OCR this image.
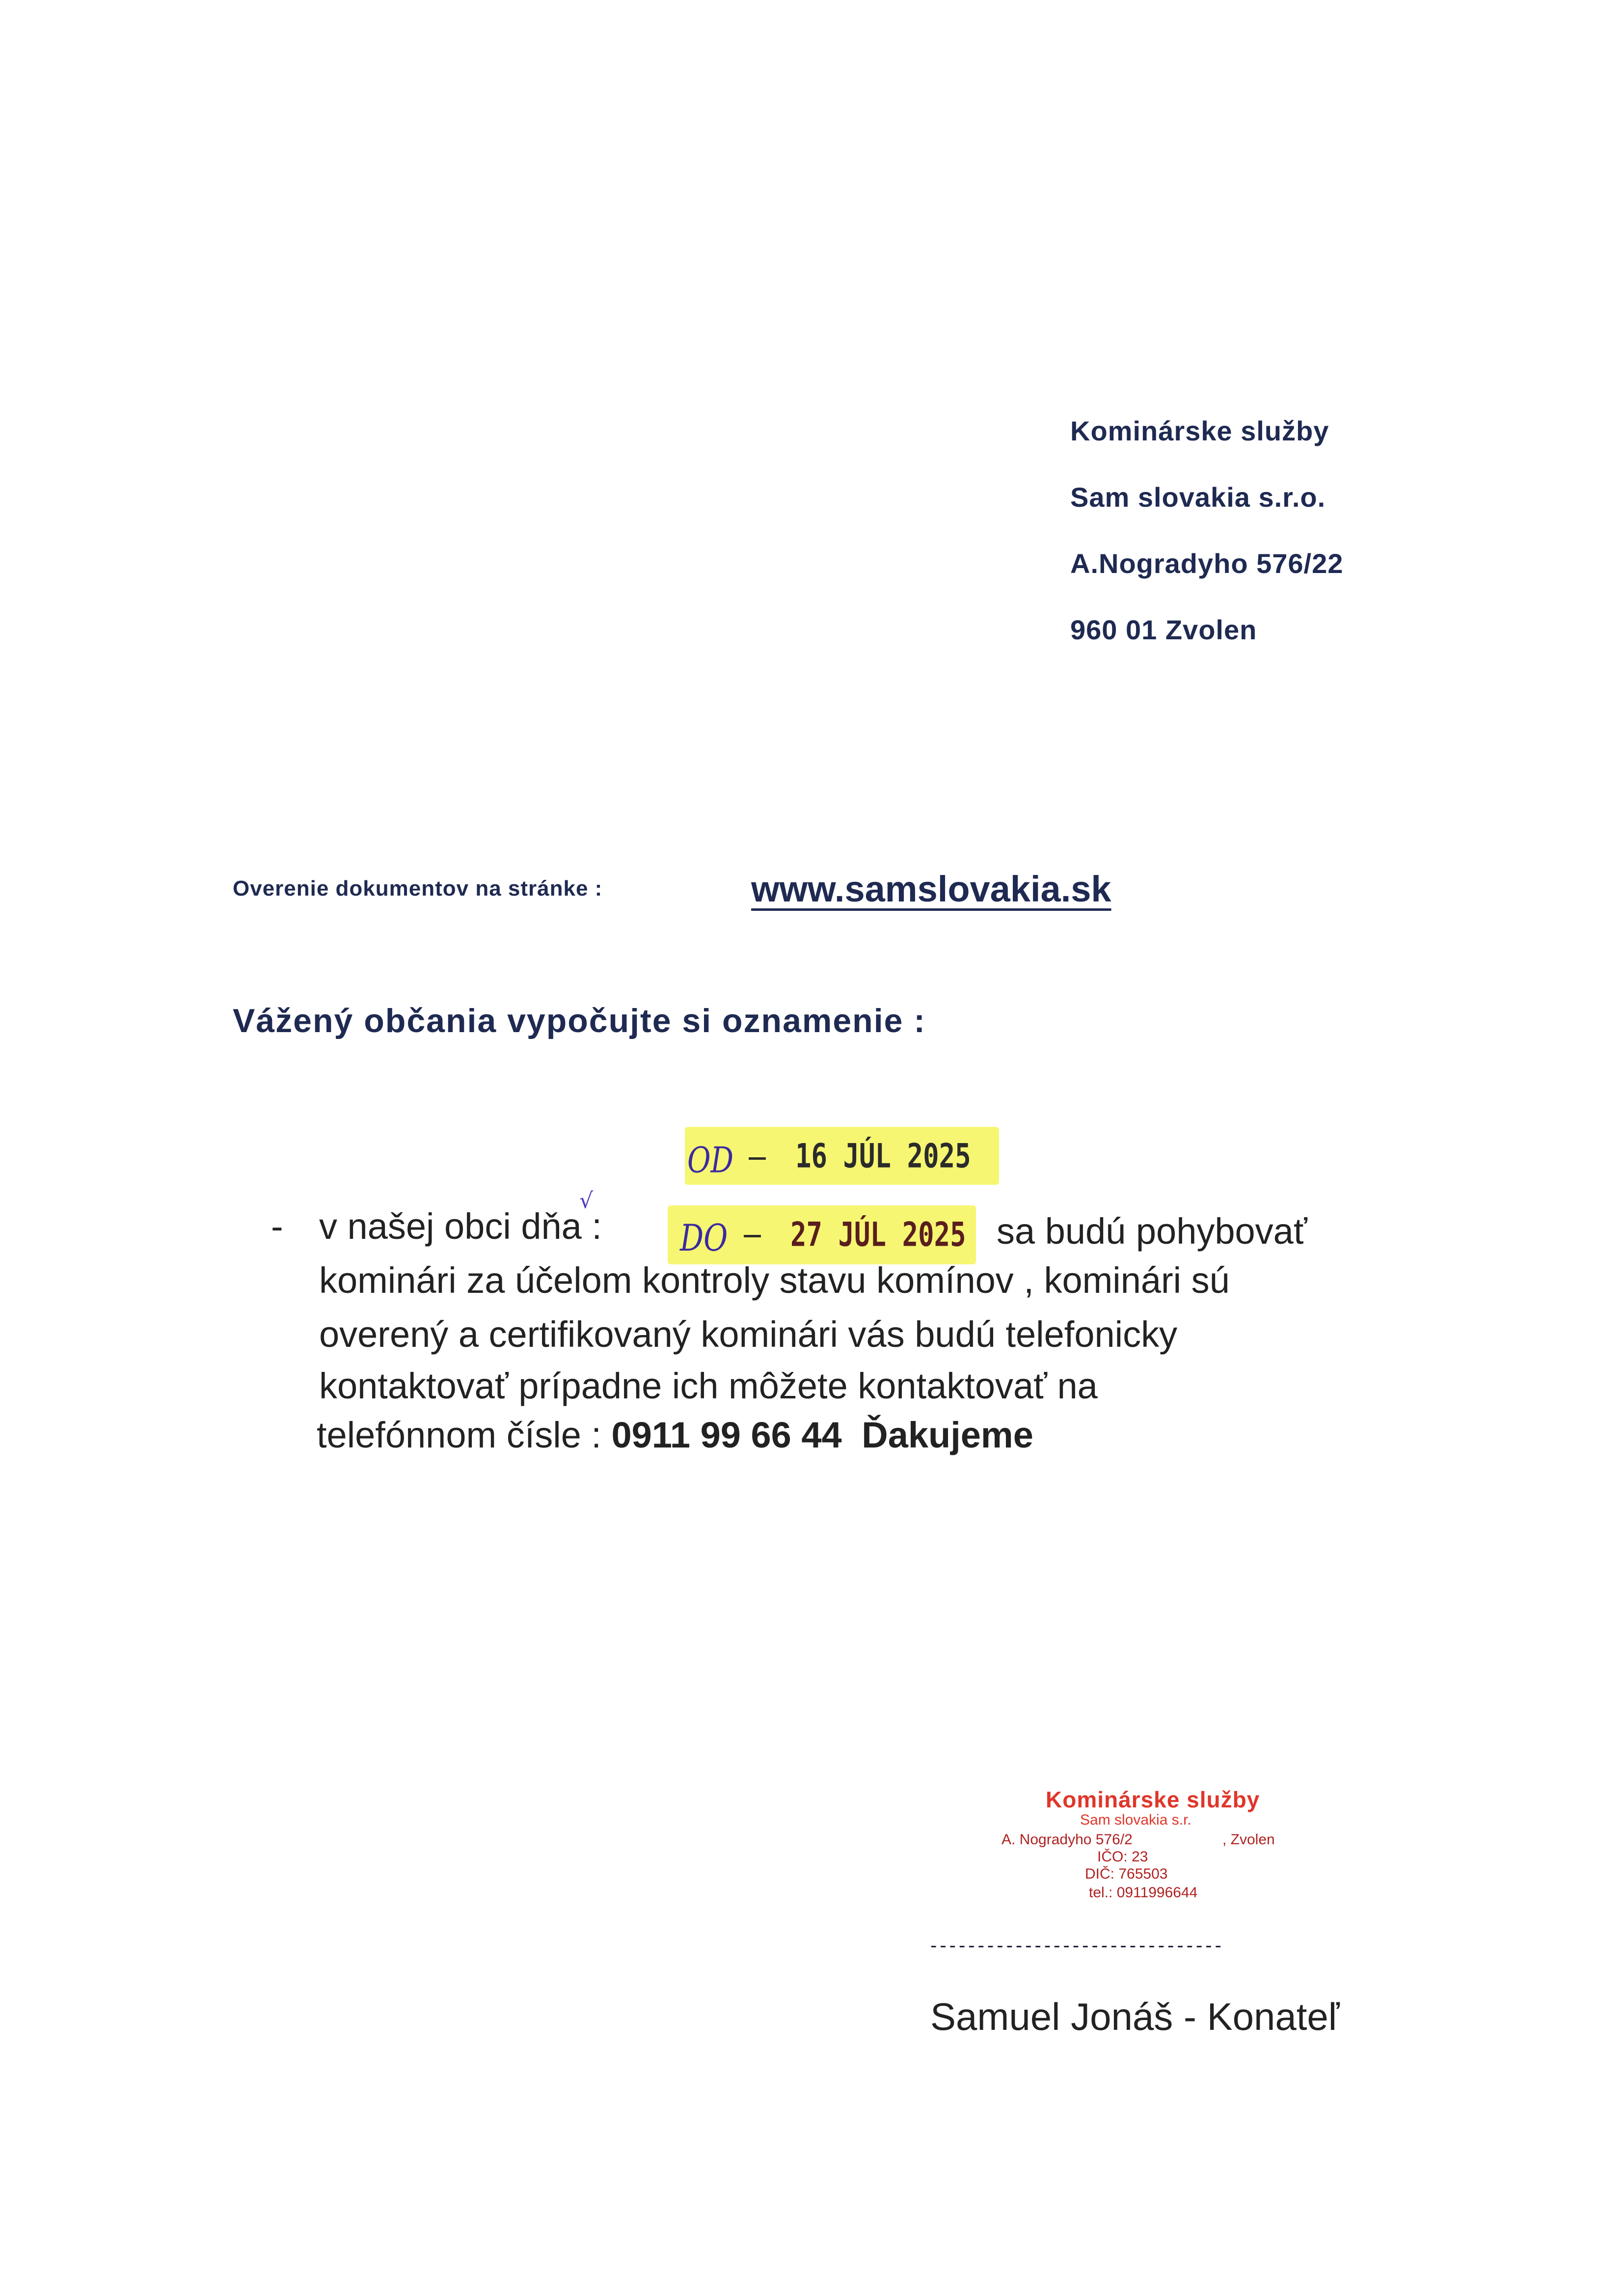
Kominárske služby
Sam slovakia s.r.o.
A.Nogradyho 576/22
960 01 Zvolen
Overenie dokumentov na stránke :	www.samslovakia.sk
Vážený občania vypočujte si oznamenie :
OD – 16 JÚL 2025
DO – 27 JÚL 2025
- v našej obci dňa :
√
sa budú pohybovať
kominári za účelom kontroly stavu komínov , kominári sú
overený a certifikovaný kominári vás budú telefonicky
kontaktovať prípadne ich môžete kontaktovať na
telefónnom čísle : 0911 99 66 44 Ďakujeme
Kominárske služby
Sam slovakia s.r.
A. Nogradyho 576/2	, Zvolen
IČO: 23
DIČ: 765503
tel.: 0911996644
-------------------------------
Samuel Jonáš - Konateľ
